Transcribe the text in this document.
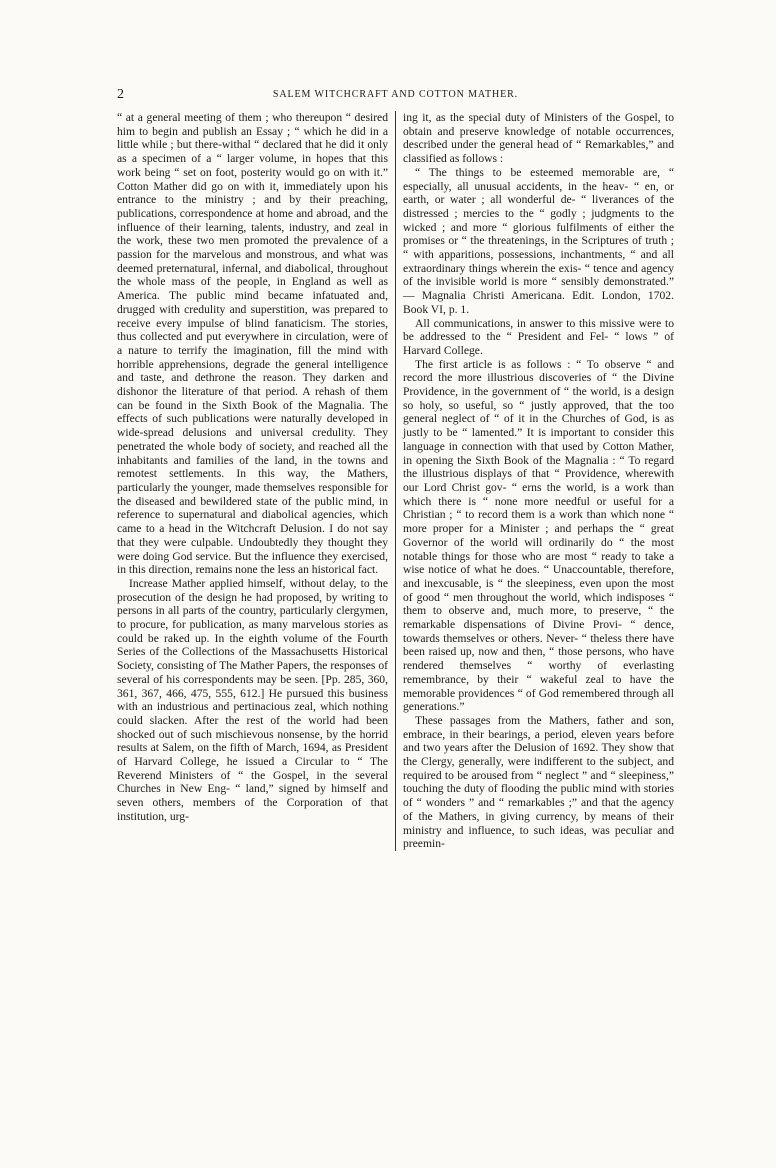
2	SALEM WITCHCRAFT AND COTTON MATHER.

“ at a general meeting of them ; who thereupon “ desired him to begin and publish an Essay ; “ which he did in a little while ; but there-withal “ declared that he did it only as a specimen of a “ larger volume, in hopes that this work being “ set on foot, posterity would go on with it.” Cotton Mather did go on with it, immediately upon his entrance to the ministry ; and by their preaching, publications, correspondence at home and abroad, and the influence of their learning, talents, industry, and zeal in the work, these two men promoted the prevalence of a passion for the marvelous and monstrous, and what was deemed preternatural, infernal, and diabolical, throughout the whole mass of the people, in England as well as America. The public mind became infatuated and, drugged with credulity and superstition, was prepared to receive every impulse of blind fanaticism. The stories, thus collected and put everywhere in circulation, were of a nature to terrify the imagination, fill the mind with horrible apprehensions, degrade the general intelligence and taste, and dethrone the reason. They darken and dishonor the literature of that period. A rehash of them can be found in the Sixth Book of the Magnalia. The effects of such publications were naturally developed in wide-spread delusions and universal credulity. They penetrated the whole body of society, and reached all the inhabitants and families of the land, in the towns and remotest settlements. In this way, the Mathers, particularly the younger, made themselves responsible for the diseased and bewildered state of the public mind, in reference to supernatural and diabolical agencies, which came to a head in the Witchcraft Delusion. I do not say that they were culpable. Undoubtedly they thought they were doing God service. But the influence they exercised, in this direction, remains none the less an historical fact.

Increase Mather applied himself, without delay, to the prosecution of the design he had proposed, by writing to persons in all parts of the country, particularly clergymen, to procure, for publication, as many marvelous stories as could be raked up. In the eighth volume of the Fourth Series of the Collections of the Massachusetts Historical Society, consisting of The Mather Papers, the responses of several of his correspondents may be seen. [Pp. 285, 360, 361, 367, 466, 475, 555, 612.] He pursued this business with an industrious and pertinacious zeal, which nothing could slacken. After the rest of the world had been shocked out of such mischievous nonsense, by the horrid results at Salem, on the fifth of March, 1694, as President of Harvard College, he issued a Circular to “ The Reverend Ministers of “ the Gospel, in the several Churches in New Eng- “ land,” signed by himself and seven others, members of the Corporation of that institution, urg-

ing it, as the special duty of Ministers of the Gospel, to obtain and preserve knowledge of notable occurrences, described under the general head of “ Remarkables,” and classified as follows :

“ The things to be esteemed memorable are, “ especially, all unusual accidents, in the heav- “ en, or earth, or water ; all wonderful de- “ liverances of the distressed ; mercies to the “ godly ; judgments to the wicked ; and more “ glorious fulfilments of either the promises or “ the threatenings, in the Scriptures of truth ; “ with apparitions, possessions, inchantments, “ and all extraordinary things wherein the exis- “ tence and agency of the invisible world is more “ sensibly demonstrated.” — Magnalia Christi Americana. Edit. London, 1702. Book VI, p. 1.

All communications, in answer to this missive were to be addressed to the “ President and Fel- “ lows ” of Harvard College.

The first article is as follows : “ To observe “ and record the more illustrious discoveries of “ the Divine Providence, in the government of “ the world, is a design so holy, so useful, so “ justly approved, that the too general neglect of “ of it in the Churches of God, is as justly to be “ lamented.” It is important to consider this language in connection with that used by Cotton Mather, in opening the Sixth Book of the Magnalia : “ To regard the illustrious displays of that “ Providence, wherewith our Lord Christ gov- “ erns the world, is a work than which there is “ none more needful or useful for a Christian ; “ to record them is a work than which none “ more proper for a Minister ; and perhaps the “ great Governor of the world will ordinarily do “ the most notable things for those who are most “ ready to take a wise notice of what he does. “ Unaccountable, therefore, and inexcusable, is “ the sleepiness, even upon the most of good “ men throughout the world, which indisposes “ them to observe and, much more, to preserve, “ the remarkable dispensations of Divine Provi- “ dence, towards themselves or others. Never- “ theless there have been raised up, now and then, “ those persons, who have rendered themselves “ worthy of everlasting remembrance, by their “ wakeful zeal to have the memorable providences “ of God remembered through all generations.”

These passages from the Mathers, father and son, embrace, in their bearings, a period, eleven years before and two years after the Delusion of 1692. They show that the Clergy, generally, were indifferent to the subject, and required to be aroused from “ neglect ” and “ sleepiness,” touching the duty of flooding the public mind with stories of “ wonders ” and “ remarkables ;” and that the agency of the Mathers, in giving currency, by means of their ministry and influence, to such ideas, was peculiar and preemin-
